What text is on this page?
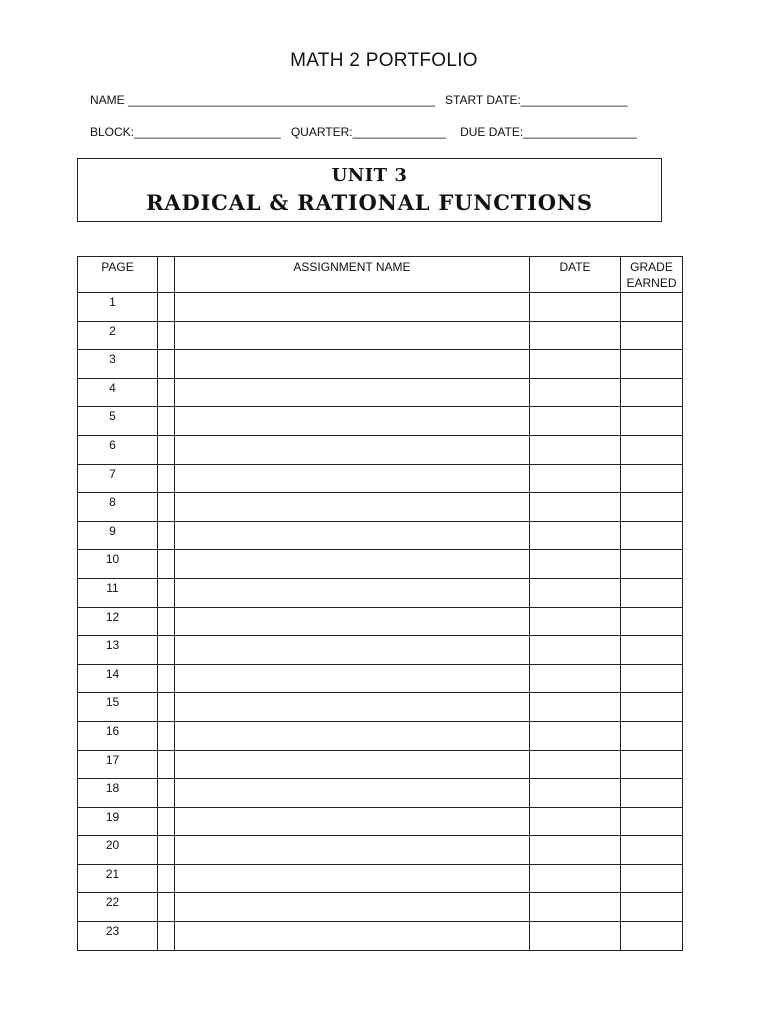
MATH 2 PORTFOLIO
NAME ______________________________________________ START DATE:________________
BLOCK:______________________ QUARTER:______________ DUE DATE:_________________
UNIT 3
RADICAL & RATIONAL FUNCTIONS
PAGE		ASSIGNMENT NAME	DATE	GRADE
EARNED

1				
2				
3				
4				
5				
6				
7				
8				
9				
10				
11				
12				
13				
14				
15				
16				
17				
18				
19				
20				
21				
22				
23				
